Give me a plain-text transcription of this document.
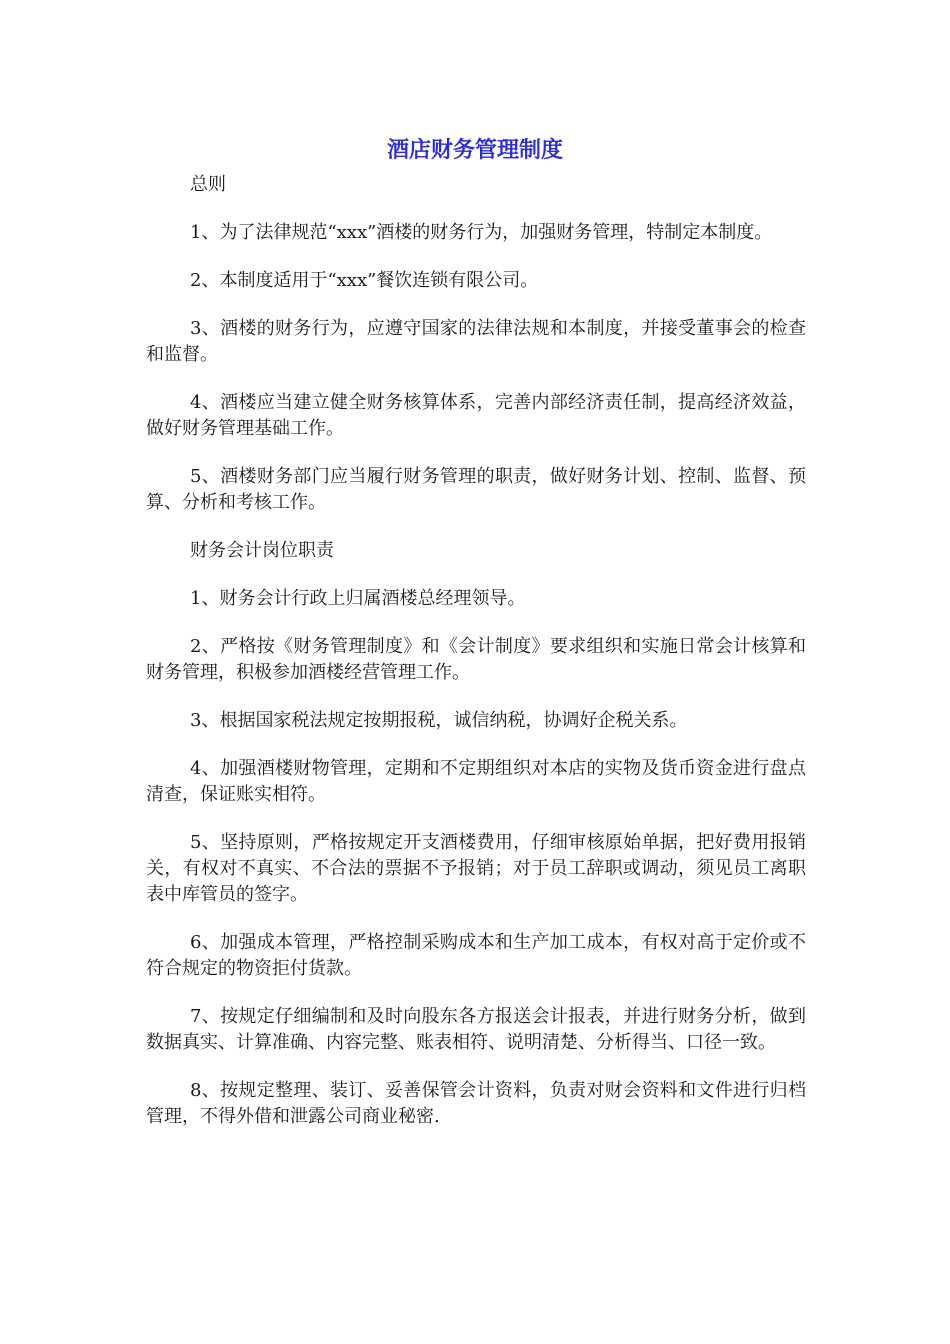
酒店财务管理制度

总则

1、为了法律规范“xxx”酒楼的财务行为，加强财务管理，特制定本制度。

2、本制度适用于“xxx”餐饮连锁有限公司。

3、酒楼的财务行为，应遵守国家的法律法规和本制度，并接受董事会的检查和监督。

4、酒楼应当建立健全财务核算体系，完善内部经济责任制，提高经济效益，做好财务管理基础工作。

5、酒楼财务部门应当履行财务管理的职责，做好财务计划、控制、监督、预算、分析和考核工作。

财务会计岗位职责

1、财务会计行政上归属酒楼总经理领导。

2、严格按《财务管理制度》和《会计制度》要求组织和实施日常会计核算和财务管理，积极参加酒楼经营管理工作。

3、根据国家税法规定按期报税，诚信纳税，协调好企税关系。

4、加强酒楼财物管理，定期和不定期组织对本店的实物及货币资金进行盘点清查，保证账实相符。

5、坚持原则，严格按规定开支酒楼费用，仔细审核原始单据，把好费用报销关，有权对不真实、不合法的票据不予报销；对于员工辞职或调动，须见员工离职表中库管员的签字。

6、加强成本管理，严格控制采购成本和生产加工成本，有权对高于定价或不符合规定的物资拒付货款。

7、按规定仔细编制和及时向股东各方报送会计报表，并进行财务分析，做到数据真实、计算准确、内容完整、账表相符、说明清楚、分析得当、口径一致。

8、按规定整理、装订、妥善保管会计资料，负责对财会资料和文件进行归档管理，不得外借和泄露公司商业秘密.
